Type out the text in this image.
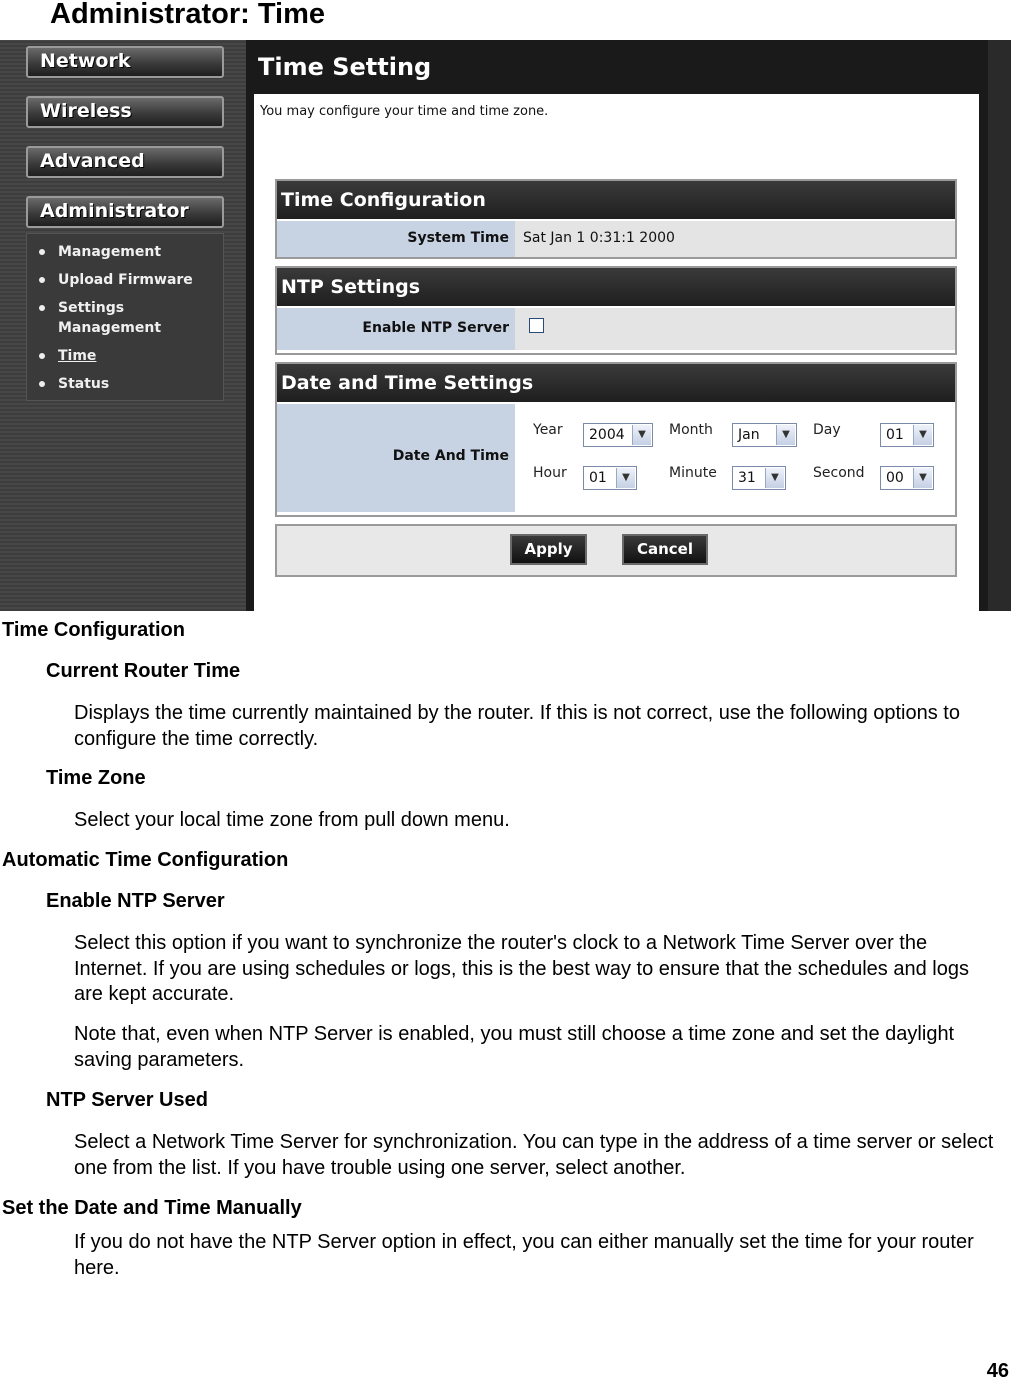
Administrator: Time
Network
Wireless
Advanced
Administrator
Management
Upload Firmware
Settings Management
Time
Status
Time Setting
You may configure your time and time zone.
Time Configuration
System Time	Sat Jan 1 0:31:1 2000
NTP Settings
Enable NTP Server
Date and Time Settings
Date And Time
Year	2004	▼	Month	Jan	▼	Day	01	▼
Hour	01	▼	Minute	31	▼	Second	00	▼
Apply	Cancel
Time Configuration
Current Router Time

Displays the time currently maintained by the router. If this is not correct, use the following options to configure the time correctly.

Time Zone

Select your local time zone from pull down menu.

Automatic Time Configuration
Enable NTP Server

Select this option if you want to synchronize the router's clock to a Network Time Server over the Internet. If you are using schedules or logs, this is the best way to ensure that the schedules and logs are kept accurate.

Note that, even when NTP Server is enabled, you must still choose a time zone and set the daylight saving parameters.

NTP Server Used

Select a Network Time Server for synchronization. You can type in the address of a time server or select one from the list. If you have trouble using one server, select another.

Set the Date and Time Manually

If you do not have the NTP Server option in effect, you can either manually set the time for your router here.

46
